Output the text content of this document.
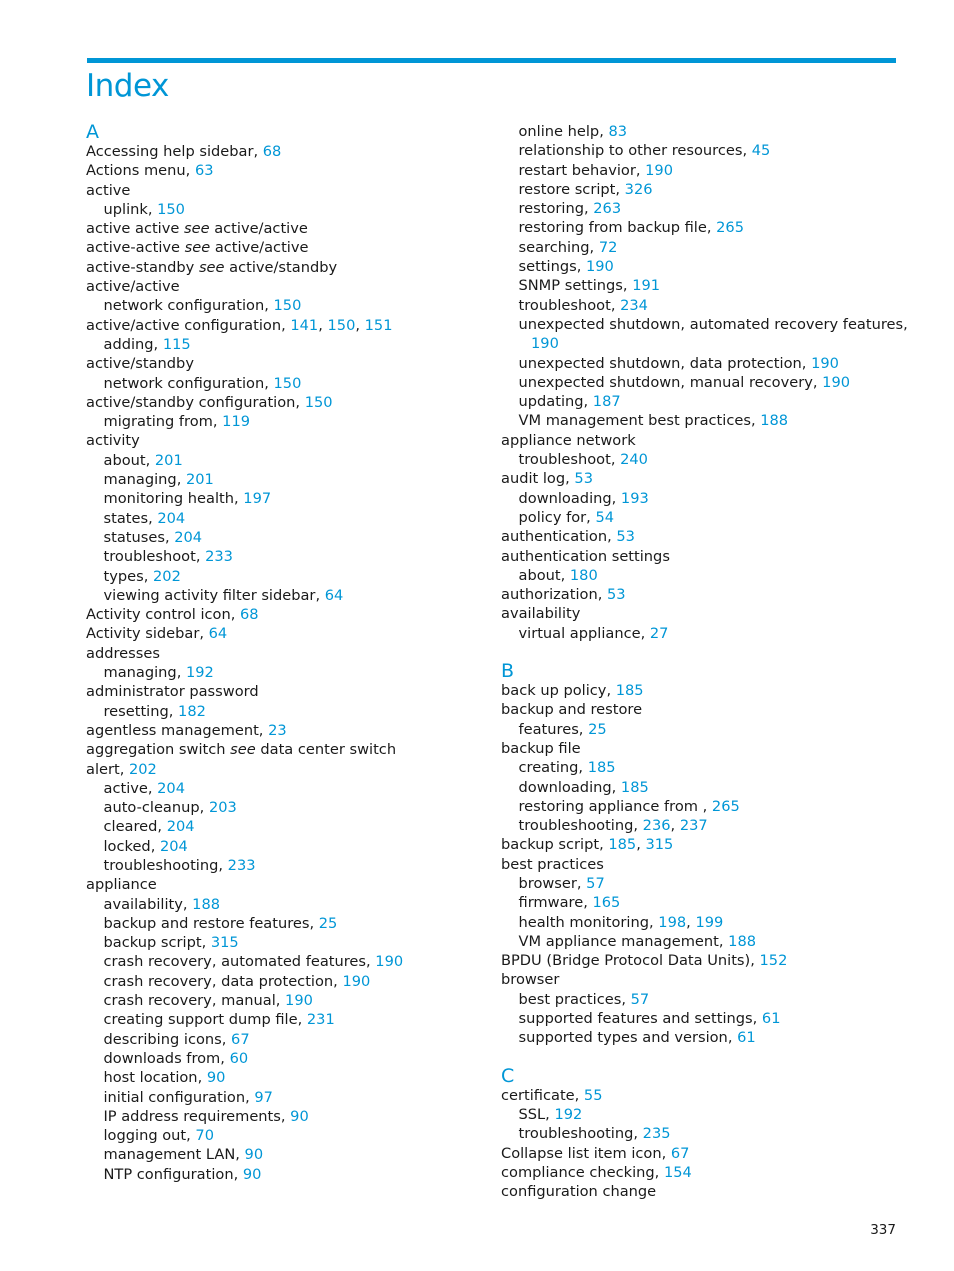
Index
A
Accessing help sidebar, 68
Actions menu, 63
active
uplink, 150
active active see active/active
active-active see active/active
active-standby see active/standby
active/active
network configuration, 150
active/active configuration, 141, 150, 151
adding, 115
active/standby
network configuration, 150
active/standby configuration, 150
migrating from, 119
activity
about, 201
managing, 201
monitoring health, 197
states, 204
statuses, 204
troubleshoot, 233
types, 202
viewing activity filter sidebar, 64
Activity control icon, 68
Activity sidebar, 64
addresses
managing, 192
administrator password
resetting, 182
agentless management, 23
aggregation switch see data center switch
alert, 202
active, 204
auto-cleanup, 203
cleared, 204
locked, 204
troubleshooting, 233
appliance
availability, 188
backup and restore features, 25
backup script, 315
crash recovery, automated features, 190
crash recovery, data protection, 190
crash recovery, manual, 190
creating support dump file, 231
describing icons, 67
downloads from, 60
host location, 90
initial configuration, 97
IP address requirements, 90
logging out, 70
management LAN, 90
NTP configuration, 90
online help, 83
relationship to other resources, 45
restart behavior, 190
restore script, 326
restoring, 263
restoring from backup file, 265
searching, 72
settings, 190
SNMP settings, 191
troubleshoot, 234
unexpected shutdown, automated recovery features,
190
unexpected shutdown, data protection, 190
unexpected shutdown, manual recovery, 190
updating, 187
VM management best practices, 188
appliance network
troubleshoot, 240
audit log, 53
downloading, 193
policy for, 54
authentication, 53
authentication settings
about, 180
authorization, 53
availability
virtual appliance, 27
B
back up policy, 185
backup and restore
features, 25
backup file
creating, 185
downloading, 185
restoring appliance from , 265
troubleshooting, 236, 237
backup script, 185, 315
best practices
browser, 57
firmware, 165
health monitoring, 198, 199
VM appliance management, 188
BPDU (Bridge Protocol Data Units), 152
browser
best practices, 57
supported features and settings, 61
supported types and version, 61
C
certificate, 55
SSL, 192
troubleshooting, 235
Collapse list item icon, 67
compliance checking, 154
configuration change
337
